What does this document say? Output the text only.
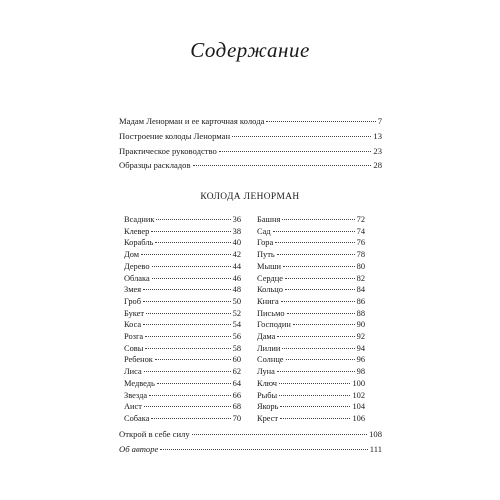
Содержание
Мадам Ленорман и ее карточная колода	7
Построение колоды Ленорман	13
Практическое руководство	23
Образцы раскладов	28
КОЛОДА ЛЕНОРМАН
Всадник	36
Клевер	38
Корабль	40
Дом	42
Дерево	44
Облака	46
Змея	48
Гроб	50
Букет	52
Коса	54
Розга	56
Совы	58
Ребенок	60
Лиса	62
Медведь	64
Звезда	66
Аист	68
Собака	70
Башня	72
Сад	74
Гора	76
Путь	78
Мыши	80
Сердце	82
Кольцо	84
Книга	86
Письмо	88
Господин	90
Дама	92
Лилии	94
Солнце	96
Луна	98
Ключ	100
Рыбы	102
Якорь	104
Крест	106
Открой в себе силу	108
Об авторе	111
